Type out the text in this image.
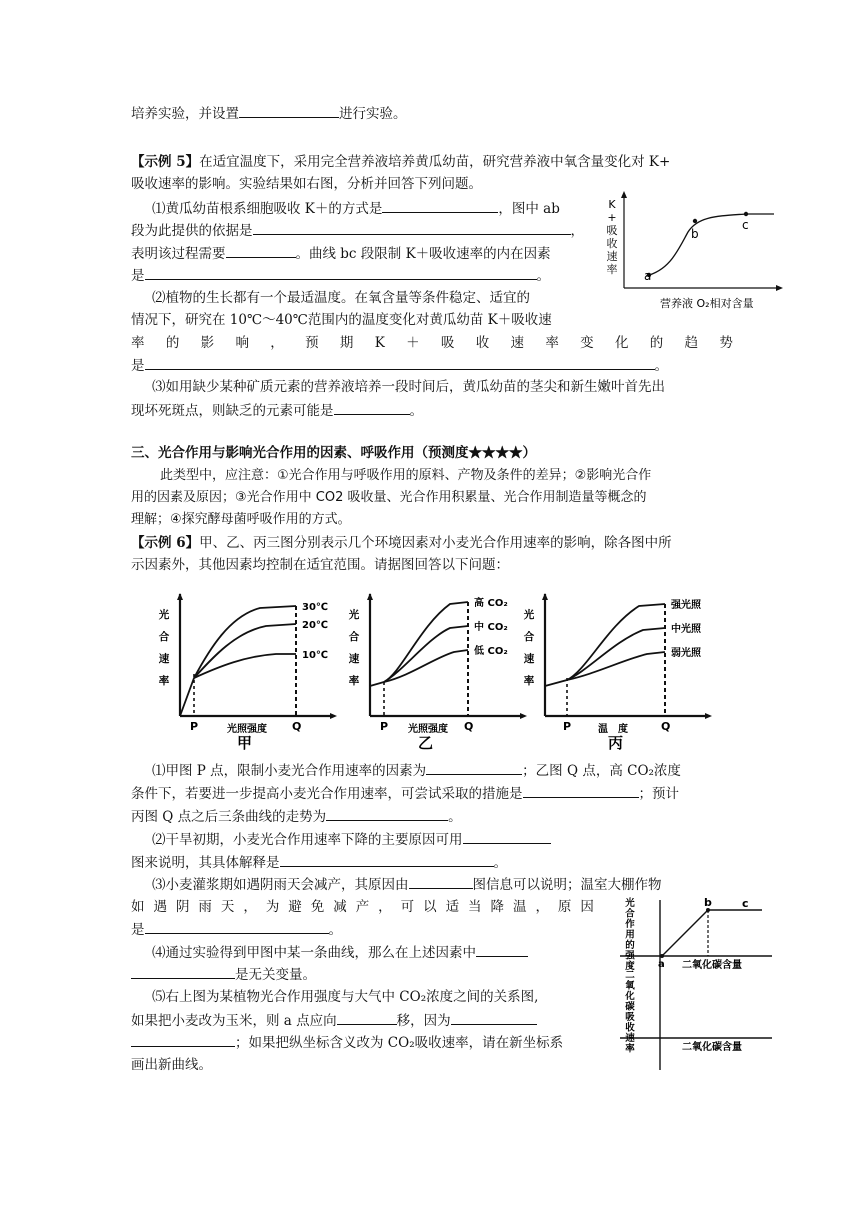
培养实验，并设置	进行实验。
【示例 5】在适宜温度下，采用完全营养液培养黄瓜幼苗，研究营养液中氧含量变化对 K+
吸收速率的影响。实验结果如右图，分析并回答下列问题。
⑴黄瓜幼苗根系细胞吸收 K＋的方式是	，图中 ab
段为此提供的依据是	，
表明该过程需要	。曲线 bc 段限制 K＋吸收速率的内在因素
是	。
⑵植物的生长都有一个最适温度。在氧含量等条件稳定、适宜的
情况下，研究在 10℃～40℃范围内的温度变化对黄瓜幼苗 K＋吸收速
率 的 影 响 ， 预 期 K ＋ 吸 收 速 率 变 化 的 趋 势
是	。
⑶如用缺少某种矿质元素的营养液培养一段时间后，黄瓜幼苗的茎尖和新生嫩叶首先出
现坏死斑点，则缺乏的元素可能是	。
a
b
c
营养液 O₂相对含量
K
+
吸
收
速
率
三、光合作用与影响光合作用的因素、呼吸作用（预测度★★★★）
此类型中，应注意：①光合作用与呼吸作用的原料、产物及条件的差异；②影响光合作
用的因素及原因；③光合作用中 CO2 吸收量、光合作用积累量、光合作用制造量等概念的
理解；④探究酵母菌呼吸作用的方式。
【示例 6】甲、乙、丙三图分别表示几个环境因素对小麦光合作用速率的影响，除各图中所
示因素外，其他因素均控制在适宜范围。请据图回答以下问题：
光
合
速
率
30℃
20℃
10℃
P	Q
光照强度
甲
光
合
速
率
高 CO₂
中 CO₂
低 CO₂
P	Q
光照强度
乙
光
合
速
率
强光照
中光照
弱光照
P	Q
温　度
丙
⑴甲图 P 点，限制小麦光合作用速率的因素为	；乙图 Q 点，高 CO₂浓度
条件下，若要进一步提高小麦光合作用速率，可尝试采取的措施是	；预计
丙图 Q 点之后三条曲线的走势为	。
⑵干旱初期，小麦光合作用速率下降的主要原因可用
图来说明，其具体解释是	。
⑶小麦灌浆期如遇阴雨天会减产，其原因由	图信息可以说明；温室大棚作物
如 遇 阴 雨 天 ， 为 避 免 减 产 ， 可 以 适 当 降 温 ， 原 因
是	。
⑷通过实验得到甲图中某一条曲线，那么在上述因素中
是无关变量。
⑸右上图为某植物光合作用强度与大气中 CO₂浓度之间的关系图,
如果把小麦改为玉米，则 a 点应向	移，因为
；如果把纵坐标含义改为 CO₂吸收速率，请在新坐标系
画出新曲线。
a
b	c
二氧化碳含量
二氧化碳含量
光
合
作
用
的
强
度
二
氧
化
碳
吸
收
速
率
